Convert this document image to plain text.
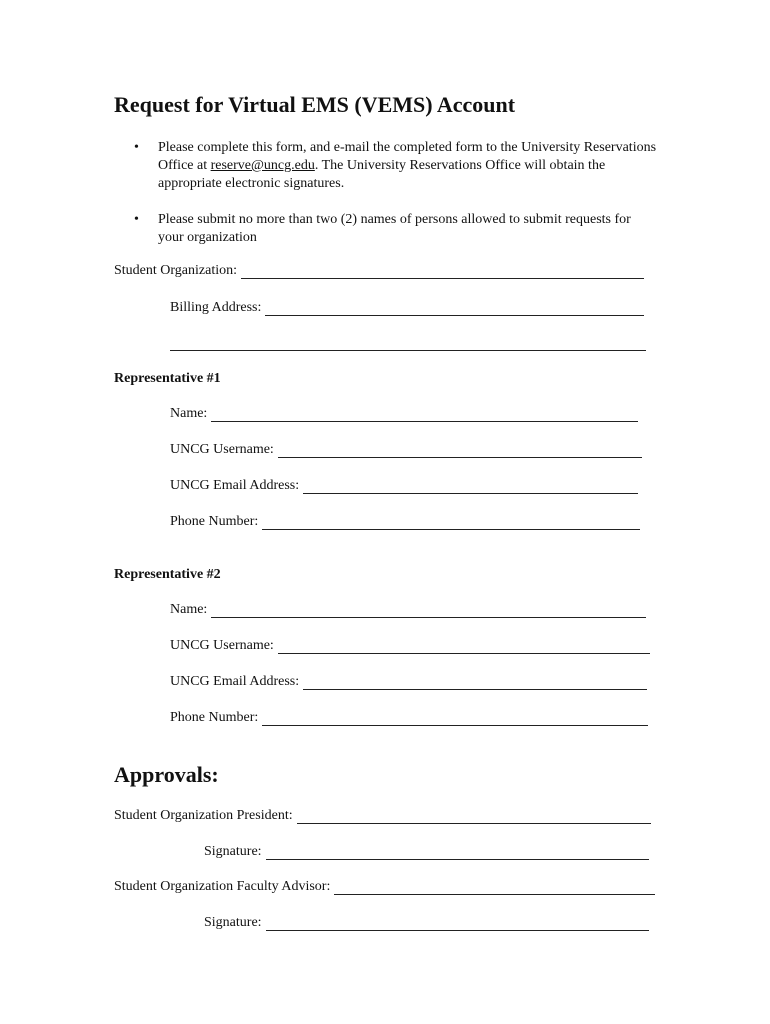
Request for Virtual EMS (VEMS) Account
• Please complete this form, and e-mail the completed form to the University Reservations Office at reserve@uncg.edu. The University Reservations Office will obtain the appropriate electronic signatures.
• Please submit no more than two (2) names of persons allowed to submit requests for your organization
Student Organization:
Billing Address:
Representative #1
Name:
UNCG Username:
UNCG Email Address:
Phone Number:
Representative #2
Name:
UNCG Username:
UNCG Email Address:
Phone Number:
Approvals:
Student Organization President:
Signature:
Student Organization Faculty Advisor:
Signature:
